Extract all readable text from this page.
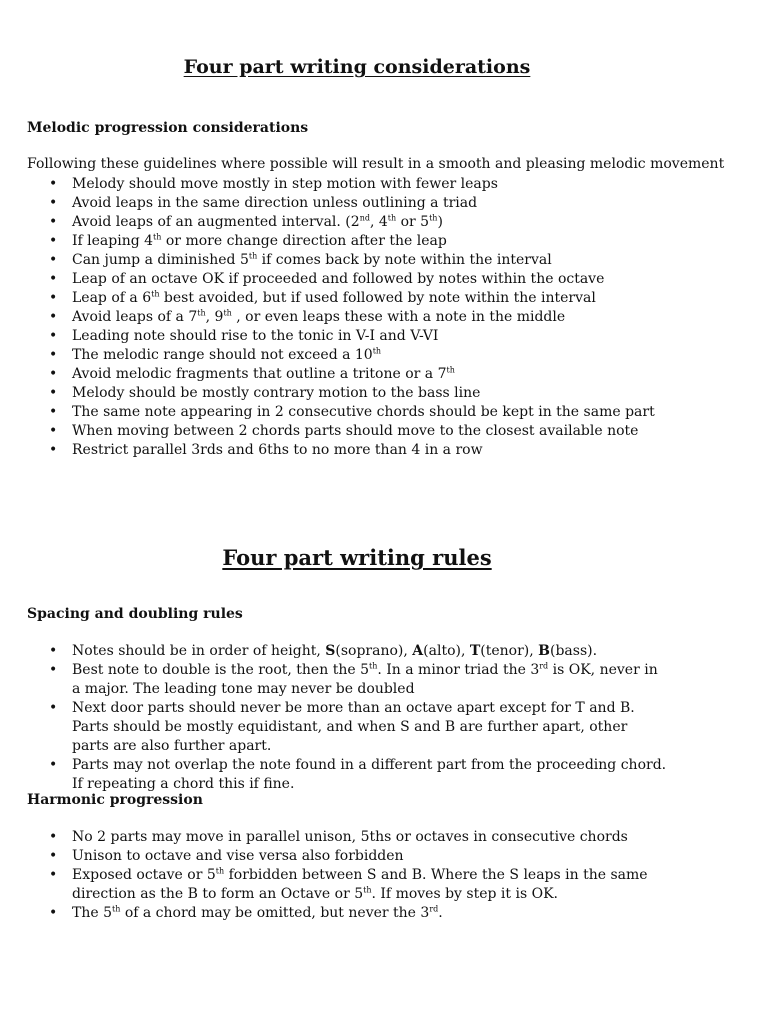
Four part writing considerations
Melodic progression considerations

Following these guidelines where possible will result in a smooth and pleasing melodic movement

• Melody should move mostly in step motion with fewer leaps
• Avoid leaps in the same direction unless outlining a triad
• Avoid leaps of an augmented interval. (2nd, 4th or 5th)
• If leaping 4th or more change direction after the leap
• Can jump a diminished 5th if comes back by note within the interval
• Leap of an octave OK if proceeded and followed by notes within the octave
• Leap of a 6th best avoided, but if used followed by note within the interval
• Avoid leaps of a 7th, 9th , or even leaps these with a note in the middle
• Leading note should rise to the tonic in V-I and V-VI
• The melodic range should not exceed a 10th
• Avoid melodic fragments that outline a tritone or a 7th
• Melody should be mostly contrary motion to the bass line
• The same note appearing in 2 consecutive chords should be kept in the same part
• When moving between 2 chords parts should move to the closest available note
• Restrict parallel 3rds and 6ths to no more than 4 in a row
Four part writing rules
Spacing and doubling rules
• Notes should be in order of height, S(soprano), A(alto), T(tenor), B(bass).
• Best note to double is the root, then the 5th. In a minor triad the 3rd is OK, never in a major. The leading tone may never be doubled
• Next door parts should never be more than an octave apart except for T and B. Parts should be mostly equidistant, and when S and B are further apart, other parts are also further apart.
• Parts may not overlap the note found in a different part from the proceeding chord. If repeating a chord this if fine.
Harmonic progression
• No 2 parts may move in parallel unison, 5ths or octaves in consecutive chords
• Unison to octave and vise versa also forbidden
• Exposed octave or 5th forbidden between S and B. Where the S leaps in the same direction as the B to form an Octave or 5th. If moves by step it is OK.
• The 5th of a chord may be omitted, but never the 3rd.
